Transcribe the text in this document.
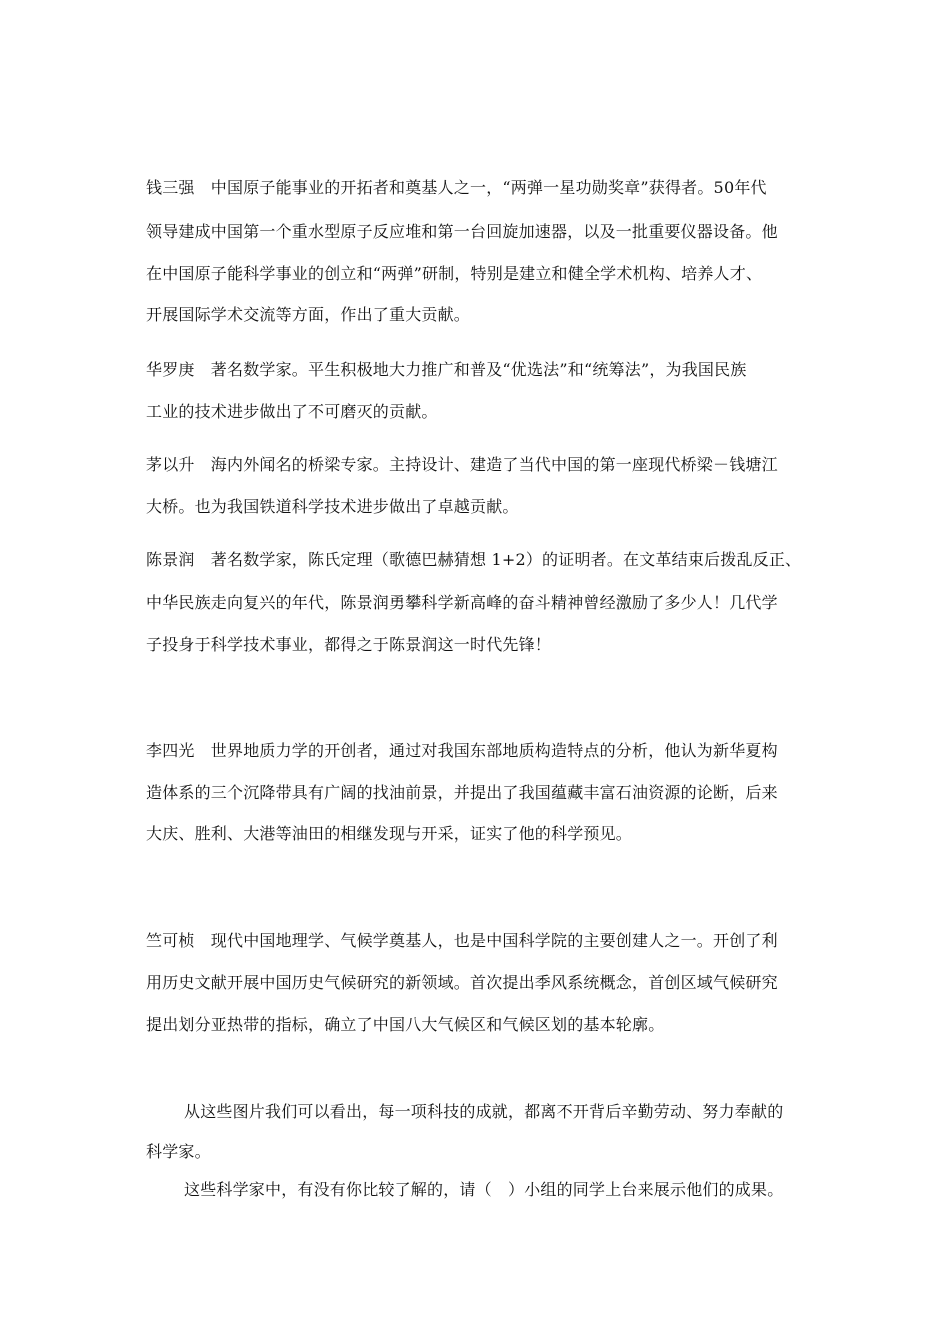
钱三强　中国原子能事业的开拓者和奠基人之一，“两弹一星功勋奖章”获得者。50年代
领导建成中国第一个重水型原子反应堆和第一台回旋加速器，以及一批重要仪器设备。他
在中国原子能科学事业的创立和“两弹”研制，特别是建立和健全学术机构、培养人才、
开展国际学术交流等方面，作出了重大贡献。
华罗庚　著名数学家。平生积极地大力推广和普及“优选法”和“统筹法”，为我国民族
工业的技术进步做出了不可磨灭的贡献。
茅以升　海内外闻名的桥梁专家。主持设计、建造了当代中国的第一座现代桥梁－钱塘江
大桥。也为我国铁道科学技术进步做出了卓越贡献。
陈景润　著名数学家，陈氏定理（歌德巴赫猜想 1+2）的证明者。在文革结束后拨乱反正、
中华民族走向复兴的年代，陈景润勇攀科学新高峰的奋斗精神曾经激励了多少人！几代学
子投身于科学技术事业，都得之于陈景润这一时代先锋！
李四光　世界地质力学的开创者，通过对我国东部地质构造特点的分析，他认为新华夏构
造体系的三个沉降带具有广阔的找油前景，并提出了我国蕴藏丰富石油资源的论断，后来
大庆、胜利、大港等油田的相继发现与开采，证实了他的科学预见。
竺可桢　现代中国地理学、气候学奠基人，也是中国科学院的主要创建人之一。开创了利
用历史文献开展中国历史气候研究的新领域。首次提出季风系统概念，首创区域气候研究
提出划分亚热带的指标，确立了中国八大气候区和气候区划的基本轮廓。
从这些图片我们可以看出，每一项科技的成就，都离不开背后辛勤劳动、努力奉献的
科学家。
这些科学家中，有没有你比较了解的，请（　）小组的同学上台来展示他们的成果。
